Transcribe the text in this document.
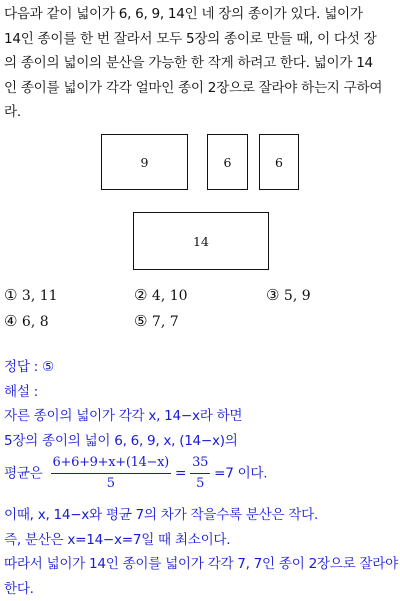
다음과 같이 넓이가 6, 6, 9, 14인 네 장의 종이가 있다. 넓이가
14인 종이를 한 번 잘라서 모두 5장의 종이로 만들 때, 이 다섯 장
의 종이의 넓이의 분산을 가능한 한 작게 하려고 한다. 넓이가 14
인 종이를 넓이가 각각 얼마인 종이 2장으로 잘라야 하는지 구하여
라.
9	6	6
14
① 3, 11	② 4, 10	③ 5, 9
④ 6, 8	⑤ 7, 7
정답 : ⑤
해설 :
자른 종이의 넓이가 각각 x, 14−x라 하면
5장의 종이의 넓이 6, 6, 9, x, (14−x)의
평균은 $\frac{6+6+9+x+(14-x)}{5} = \frac{35}{5} =7$ 이다.
이때, x, 14−x와 평균 7의 차가 작을수록 분산은 작다.
즉, 분산은 x=14−x=7일 때 최소이다.
따라서 넓이가 14인 종이를 넓이가 각각 7, 7인 종이 2장으로 잘라야
한다.
